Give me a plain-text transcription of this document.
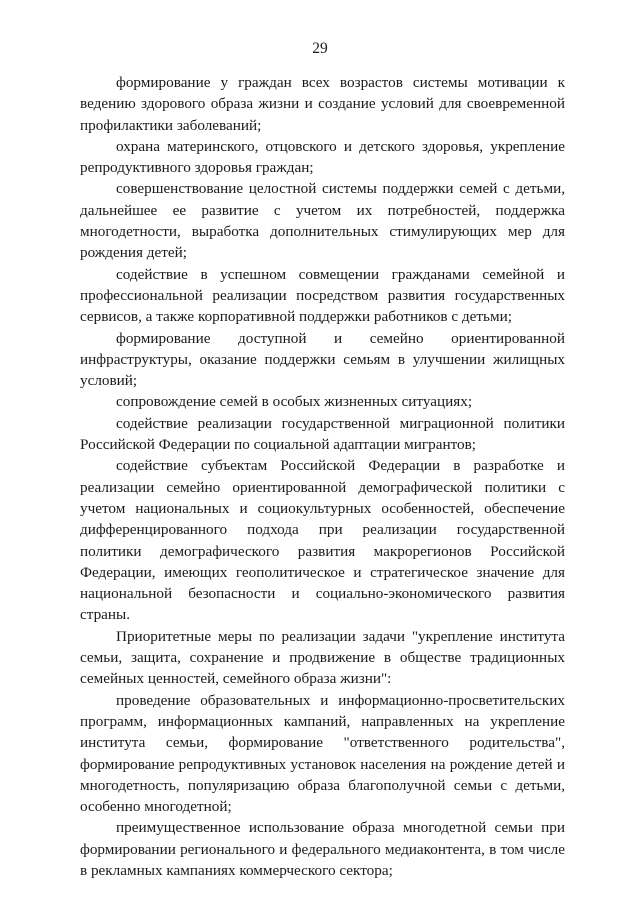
29

формирование у граждан всех возрастов системы мотивации к ведению здорового образа жизни и создание условий для своевременной профилактики заболеваний;

охрана материнского, отцовского и детского здоровья, укрепление репродуктивного здоровья граждан;

совершенствование целостной системы поддержки семей с детьми, дальнейшее ее развитие с учетом их потребностей, поддержка многодетности, выработка дополнительных стимулирующих мер для рождения детей;

содействие в успешном совмещении гражданами семейной и профессиональной реализации посредством развития государственных сервисов, а также корпоративной поддержки работников с детьми;

формирование доступной и семейно ориентированной инфраструктуры, оказание поддержки семьям в улучшении жилищных условий;

сопровождение семей в особых жизненных ситуациях;

содействие реализации государственной миграционной политики Российской Федерации по социальной адаптации мигрантов;

содействие субъектам Российской Федерации в разработке и реализации семейно ориентированной демографической политики с учетом национальных и социокультурных особенностей, обеспечение дифференцированного подхода при реализации государственной политики демографического развития макрорегионов Российской Федерации, имеющих геополитическое и стратегическое значение для национальной безопасности и социально-экономического развития страны.

Приоритетные меры по реализации задачи "укрепление института семьи, защита, сохранение и продвижение в обществе традиционных семейных ценностей, семейного образа жизни":

проведение образовательных и информационно-просветительских программ, информационных кампаний, направленных на укрепление института семьи, формирование "ответственного родительства", формирование репродуктивных установок населения на рождение детей и многодетность, популяризацию образа благополучной семьи с детьми, особенно многодетной;

преимущественное использование образа многодетной семьи при формировании регионального и федерального медиаконтента, в том числе в рекламных кампаниях коммерческого сектора;
